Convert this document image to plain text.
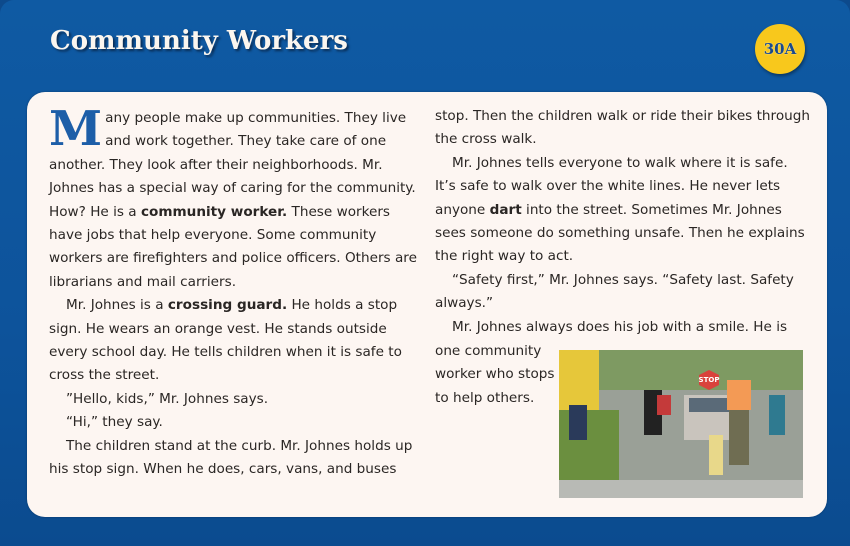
Community Workers	30A

Many people make up communities. They live and work together. They take care of one another. They look after their neighborhoods. Mr. Johnes has a special way of caring for the community. How? He is a community worker. These workers have jobs that help everyone. Some community workers are firefighters and police officers. Others are librarians and mail carriers.

Mr. Johnes is a crossing guard. He holds a stop sign. He wears an orange vest. He stands outside every school day. He tells children when it is safe to cross the street.

”Hello, kids,” Mr. Johnes says.

“Hi,” they say.

The children stand at the curb. Mr. Johnes holds up his stop sign. When he does, cars, vans, and buses

stop. Then the children walk or ride their bikes through the cross walk.

Mr. Johnes tells everyone to walk where it is safe. It’s safe to walk over the white lines. He never lets anyone dart into the street. Sometimes Mr. Johnes sees someone do something unsafe. Then he explains the right way to act.

“Safety first,” Mr. Johnes says. “Safety last. Safety always.”

Mr. Johnes always does his job with a smile. He is

one community worker who stops to help others.
STOP
